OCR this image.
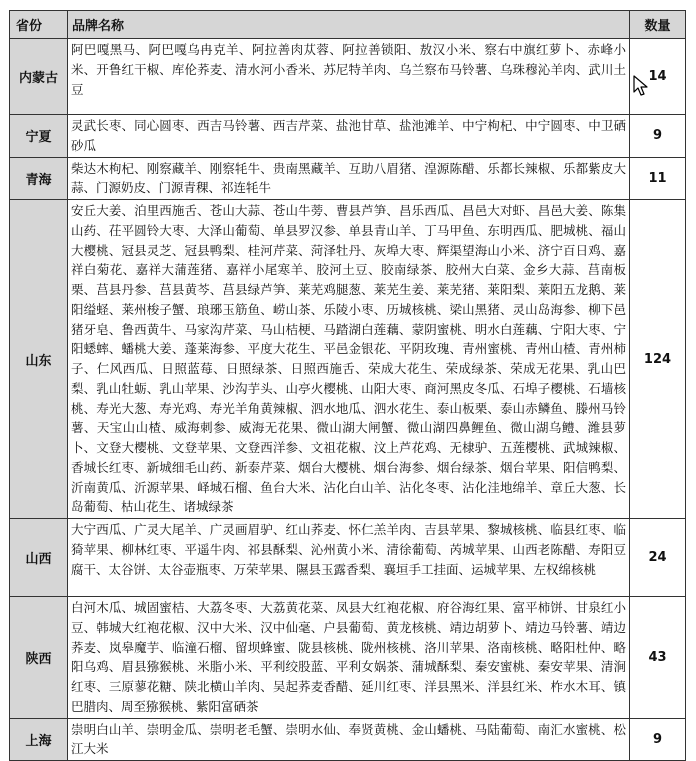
省份	品牌名称	数量
内蒙古	阿巴嘎黑马、阿巴嘎乌冉克羊、阿拉善肉苁蓉、阿拉善锁阳、敖汉小米、察右中旗红萝卜、赤峰小米、开鲁红干椒、库伦荞麦、清水河小香米、苏尼特羊肉、乌兰察布马铃薯、乌珠穆沁羊肉、武川土豆	14
宁夏	灵武长枣、同心圆枣、西吉马铃薯、西吉芹菜、盐池甘草、盐池滩羊、中宁枸杞、中宁圆枣、中卫硒砂瓜	9
青海	柴达木枸杞、刚察藏羊、刚察牦牛、贵南黑藏羊、互助八眉猪、湟源陈醋、乐都长辣椒、乐都紫皮大蒜、门源奶皮、门源青稞、祁连牦牛	11
山东	安丘大姜、泊里西施舌、苍山大蒜、苍山牛蒡、曹县芦笋、昌乐西瓜、昌邑大对虾、昌邑大姜、陈集山药、茌平圆铃大枣、大泽山葡萄、单县罗汉参、单县青山羊、丁马甲鱼、东明西瓜、肥城桃、福山大樱桃、冠县灵芝、冠县鸭梨、桂河芹菜、菏泽牡丹、灰埠大枣、辉渠望海山小米、济宁百日鸡、嘉祥白菊花、嘉祥大蒲莲猪、嘉祥小尾寒羊、胶河土豆、胶南绿茶、胶州大白菜、金乡大蒜、莒南板栗、莒县丹参、莒县黄芩、莒县绿芦笋、莱芜鸡腿葱、莱芜生姜、莱芜猪、莱阳梨、莱阳五龙鹅、莱阳缢蛏、莱州梭子蟹、琅琊玉筋鱼、崂山茶、乐陵小枣、历城核桃、梁山黑猪、灵山岛海参、柳下邑猪牙皂、鲁西黄牛、马家沟芹菜、马山桔梗、马踏湖白莲藕、蒙阴蜜桃、明水白莲藕、宁阳大枣、宁阳蟋蟀、蟠桃大姜、蓬莱海参、平度大花生、平邑金银花、平阴玫瑰、青州蜜桃、青州山楂、青州柿子、仁风西瓜、日照蓝莓、日照绿茶、日照西施舌、荣成大花生、荣成绿茶、荣成无花果、乳山巴梨、乳山牡蛎、乳山苹果、沙沟芋头、山亭火樱桃、山阳大枣、商河黑皮冬瓜、石埠子樱桃、石墙核桃、寿光大葱、寿光鸡、寿光羊角黄辣椒、泗水地瓜、泗水花生、泰山板栗、泰山赤鳞鱼、滕州马铃薯、天宝山山楂、威海刺参、威海无花果、微山湖大闸蟹、微山湖四鼻鲤鱼、微山湖乌鳢、潍县萝卜、文登大樱桃、文登苹果、文登西洋参、文祖花椒、汶上芦花鸡、无棣驴、五莲樱桃、武城辣椒、香城长红枣、新城细毛山药、新泰芹菜、烟台大樱桃、烟台海参、烟台绿茶、烟台苹果、阳信鸭梨、沂南黄瓜、沂源苹果、峄城石榴、鱼台大米、沾化白山羊、沾化冬枣、沾化洼地绵羊、章丘大葱、长岛葡萄、枯山花生、诸城绿茶	124
山西	大宁西瓜、广灵大尾羊、广灵画眉驴、红山荞麦、怀仁羔羊肉、吉县苹果、黎城核桃、临县红枣、临猗苹果、柳林红枣、平遥牛肉、祁县酥梨、沁州黄小米、清徐葡萄、芮城苹果、山西老陈醋、寿阳豆腐干、太谷饼、太谷壶瓶枣、万荣苹果、隰县玉露香梨、襄垣手工挂面、运城苹果、左权绵核桃	24
陕西	白河木瓜、城固蜜桔、大荔冬枣、大荔黄花菜、凤县大红袍花椒、府谷海红果、富平柿饼、甘泉红小豆、韩城大红袍花椒、汉中大米、汉中仙毫、户县葡萄、黄龙核桃、靖边胡萝卜、靖边马铃薯、靖边荞麦、岚皋魔芋、临潼石榴、留坝蜂蜜、陇县核桃、陇州核桃、洛川苹果、洛南核桃、略阳杜仲、略阳乌鸡、眉县猕猴桃、米脂小米、平利绞股蓝、平利女娲茶、蒲城酥梨、秦安蜜桃、秦安苹果、清涧红枣、三原蓼花糖、陕北横山羊肉、吴起荞麦香醋、延川红枣、洋县黑米、洋县红米、柞水木耳、镇巴腊肉、周至猕猴桃、紫阳富硒茶	43
上海	崇明白山羊、崇明金瓜、崇明老毛蟹、崇明水仙、奉贤黄桃、金山蟠桃、马陆葡萄、南汇水蜜桃、松江大米	9
